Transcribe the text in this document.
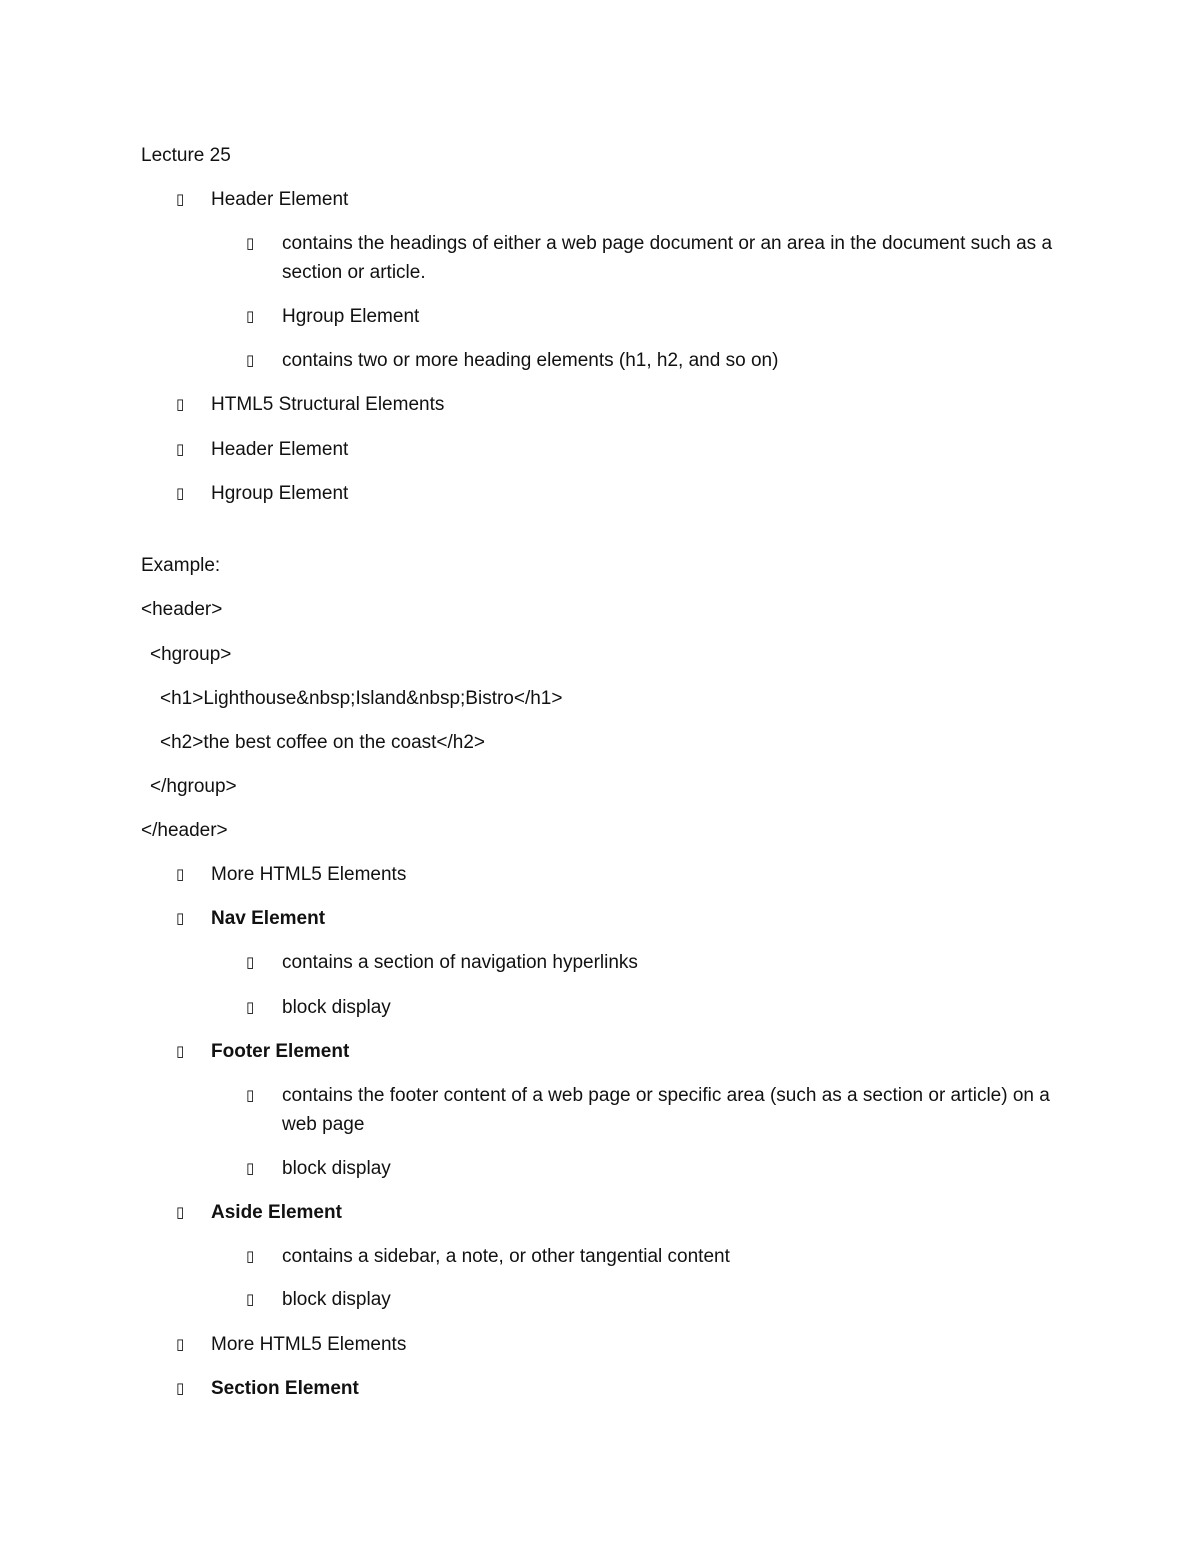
Lecture 25
▯ Header Element
▯ contains the headings of either a web page document or an area in the document such as a section or article.
▯ Hgroup Element
▯ contains two or more heading elements (h1, h2, and so on)
▯ HTML5 Structural Elements
▯ Header Element
▯ Hgroup Element
Example:
<header>
<hgroup>
<h1>Lighthouse&nbsp;Island&nbsp;Bistro</h1>
<h2>the best coffee on the coast</h2>
</hgroup>
</header>
▯ More HTML5 Elements
▯ Nav Element
▯ contains a section of navigation hyperlinks
▯ block display
▯ Footer Element
▯ contains the footer content of a web page or specific area (such as a section or article) on a web page
▯ block display
▯ Aside Element
▯ contains a sidebar, a note, or other tangential content
▯ block display
▯ More HTML5 Elements
▯ Section Element
